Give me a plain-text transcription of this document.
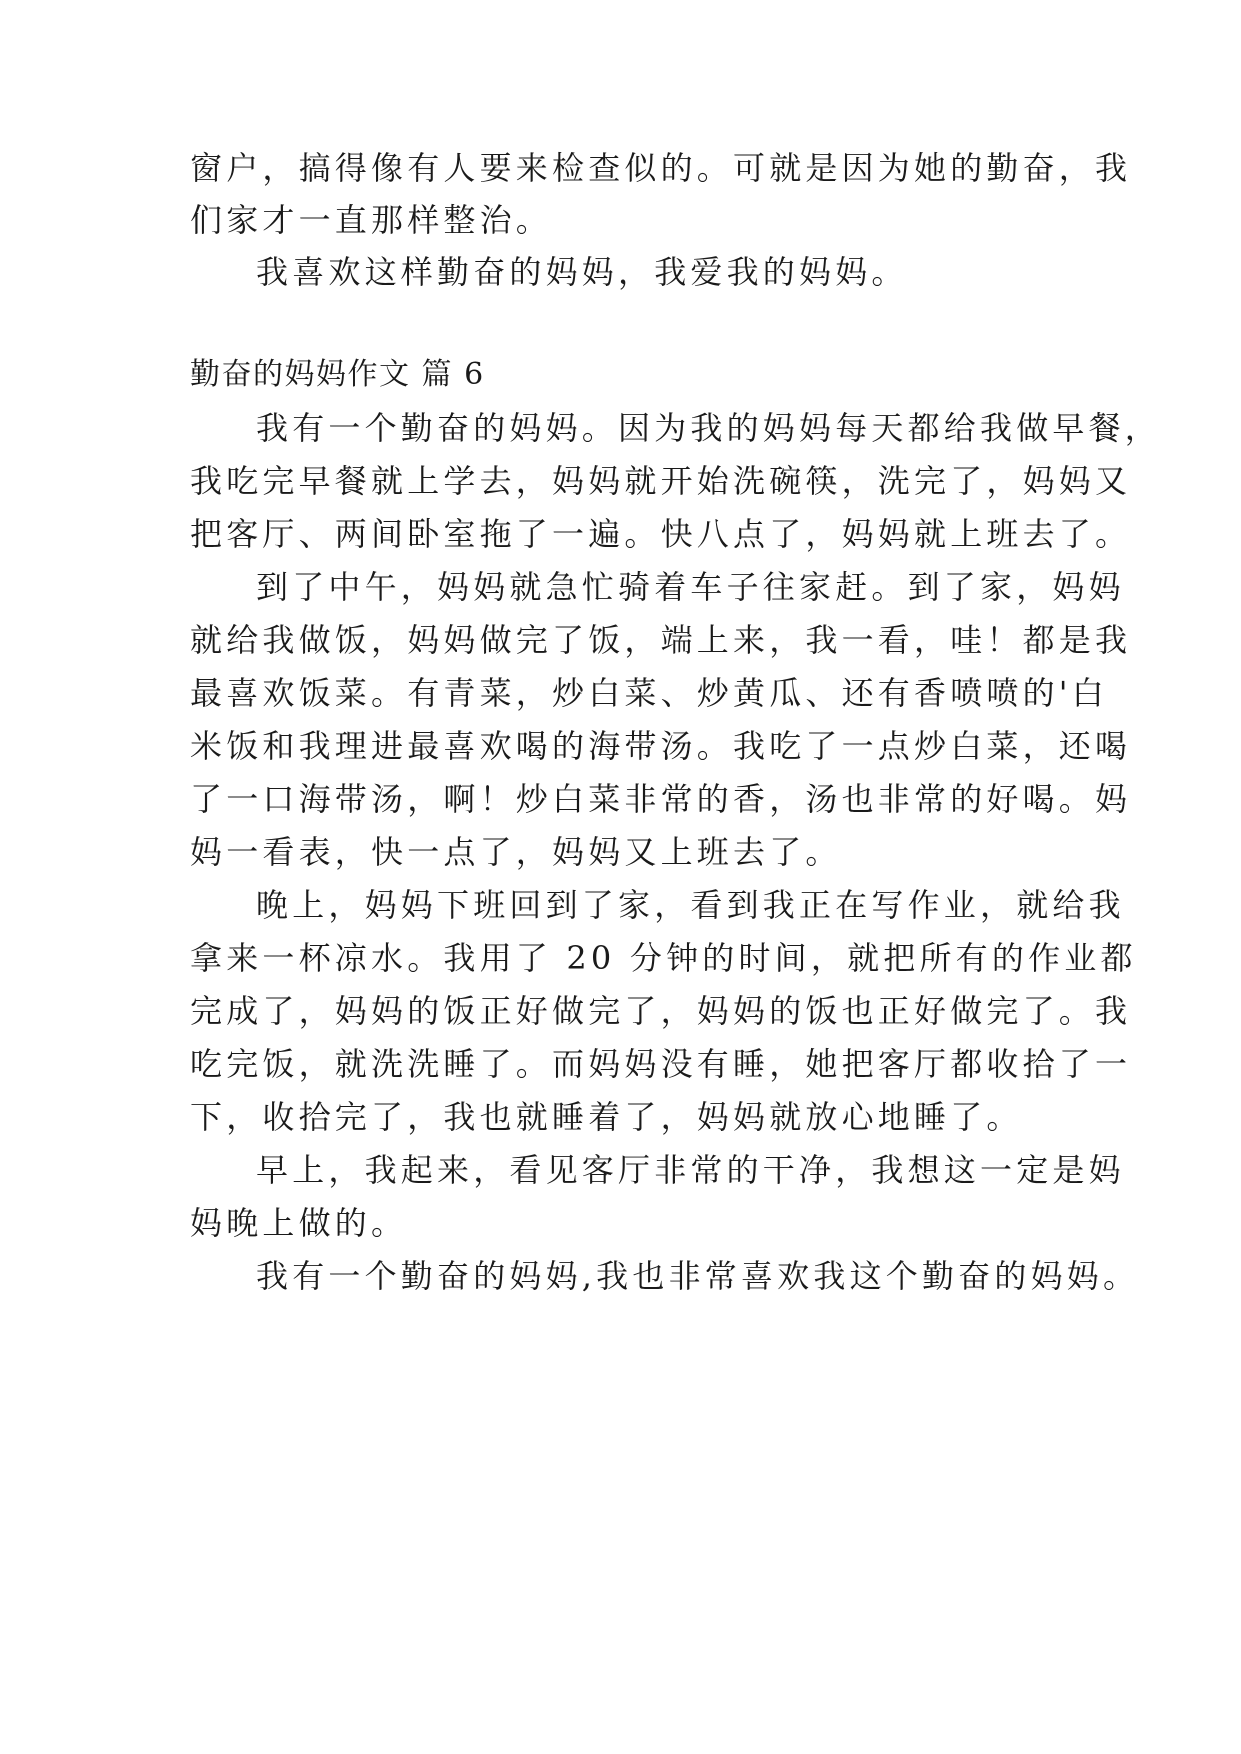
窗户，搞得像有人要来检查似的。可就是因为她的勤奋，我
们家才一直那样整治。
我喜欢这样勤奋的妈妈，我爱我的妈妈。
勤奋的妈妈作文 篇 6
我有一个勤奋的妈妈。因为我的妈妈每天都给我做早餐，
我吃完早餐就上学去，妈妈就开始洗碗筷，洗完了，妈妈又
把客厅、两间卧室拖了一遍。快八点了，妈妈就上班去了。
到了中午，妈妈就急忙骑着车子往家赶。到了家，妈妈
就给我做饭，妈妈做完了饭，端上来，我一看，哇！都是我
最喜欢饭菜。有青菜，炒白菜、炒黄瓜、还有香喷喷的'白
米饭和我理进最喜欢喝的海带汤。我吃了一点炒白菜，还喝
了一口海带汤，啊！炒白菜非常的香，汤也非常的好喝。妈
妈一看表，快一点了，妈妈又上班去了。
晚上，妈妈下班回到了家，看到我正在写作业，就给我
拿来一杯凉水。我用了 20 分钟的时间，就把所有的作业都
完成了，妈妈的饭正好做完了，妈妈的饭也正好做完了。我
吃完饭，就洗洗睡了。而妈妈没有睡，她把客厅都收拾了一
下，收拾完了，我也就睡着了，妈妈就放心地睡了。
早上，我起来，看见客厅非常的干净，我想这一定是妈
妈晚上做的。
我有一个勤奋的妈妈,我也非常喜欢我这个勤奋的妈妈。
